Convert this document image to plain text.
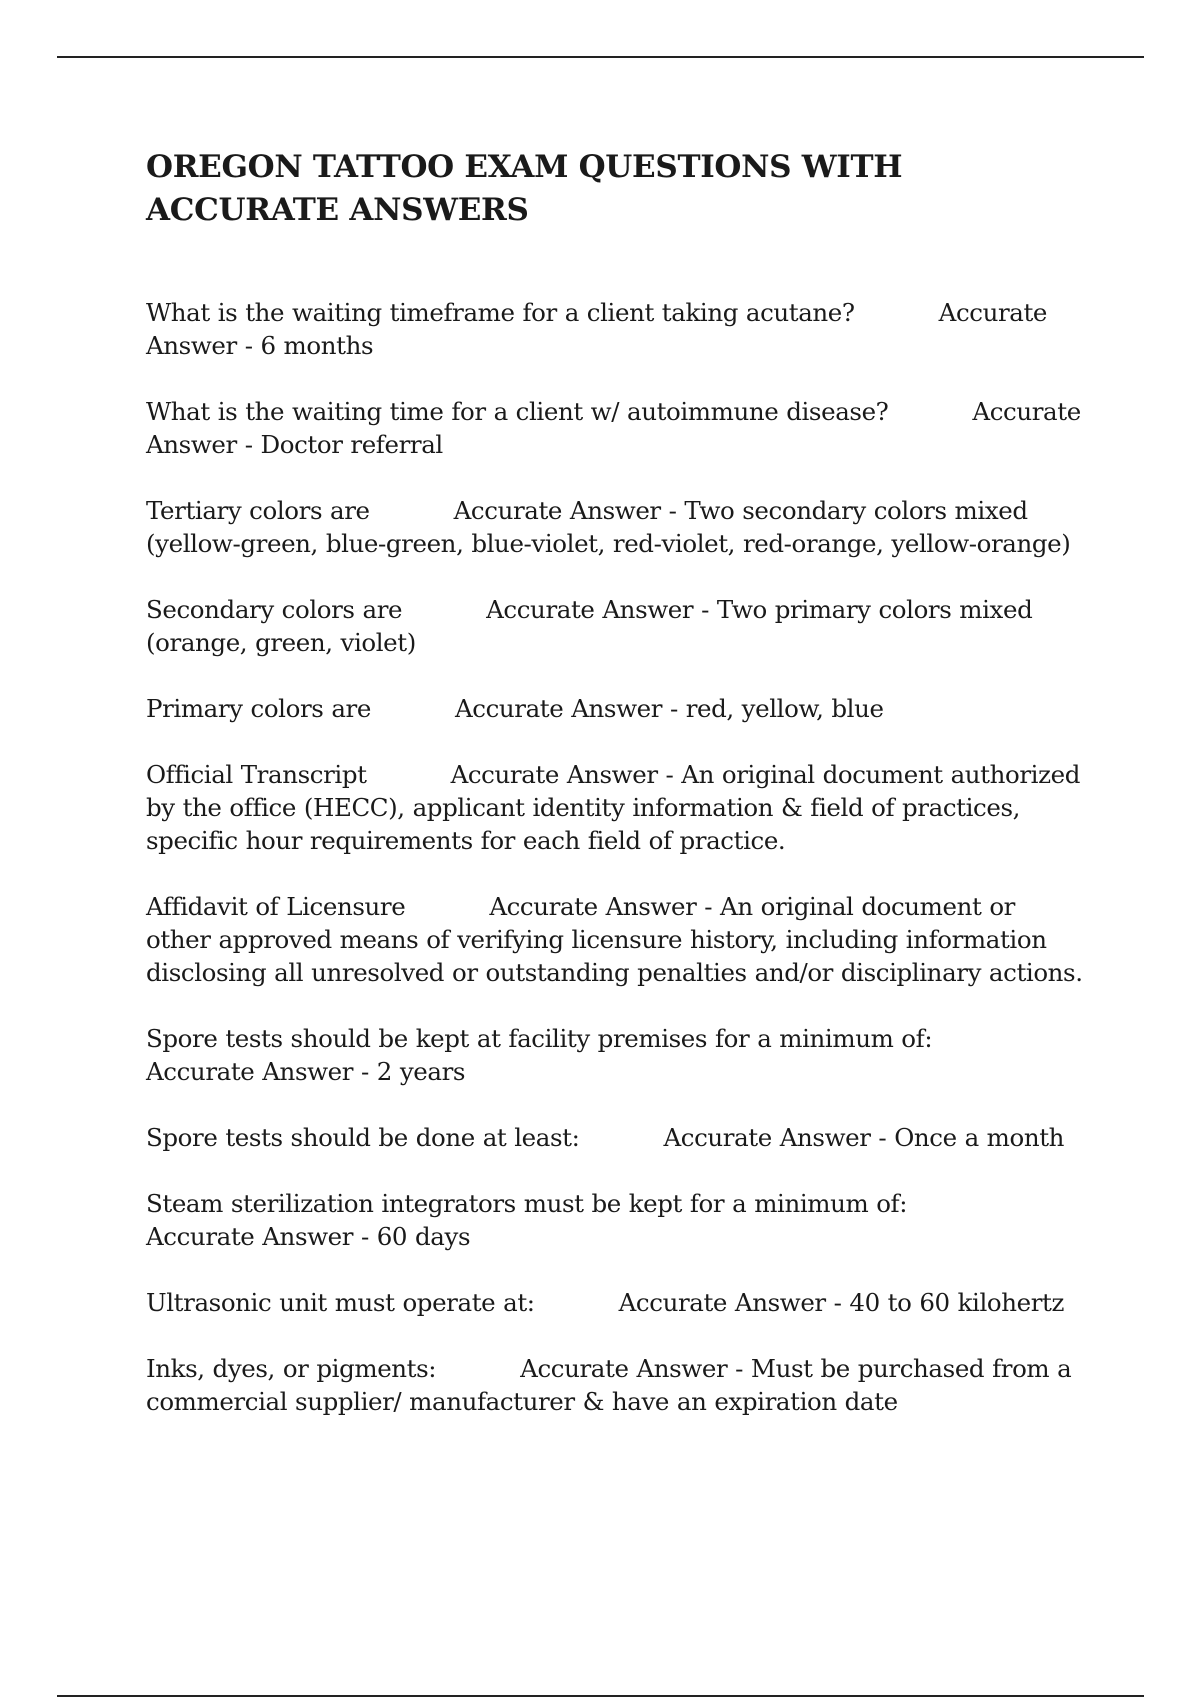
OREGON TATTOO EXAM QUESTIONS WITH ACCURATE ANSWERS

What is the waiting timeframe for a client taking acutane?	Accurate Answer - 6 months

What is the waiting time for a client w/ autoimmune disease?	Accurate Answer - Doctor referral

Tertiary colors are	Accurate Answer - Two secondary colors mixed (yellow-green, blue-green, blue-violet, red-violet, red-orange, yellow-orange)

Secondary colors are	Accurate Answer - Two primary colors mixed (orange, green, violet)

Primary colors are	Accurate Answer - red, yellow, blue

Official Transcript	Accurate Answer - An original document authorized by the office (HECC), applicant identity information & field of practices, specific hour requirements for each field of practice.

Affidavit of Licensure	Accurate Answer - An original document or other approved means of verifying licensure history, including information disclosing all unresolved or outstanding penalties and/or disciplinary actions.

Spore tests should be kept at facility premises for a minimum of:Accurate Answer - 2 years

Spore tests should be done at least:	Accurate Answer - Once a month

Steam sterilization integrators must be kept for a minimum of:Accurate Answer - 60 days

Ultrasonic unit must operate at:	Accurate Answer - 40 to 60 kilohertz

Inks, dyes, or pigments:	Accurate Answer - Must be purchased from a commercial supplier/ manufacturer & have an expiration date
